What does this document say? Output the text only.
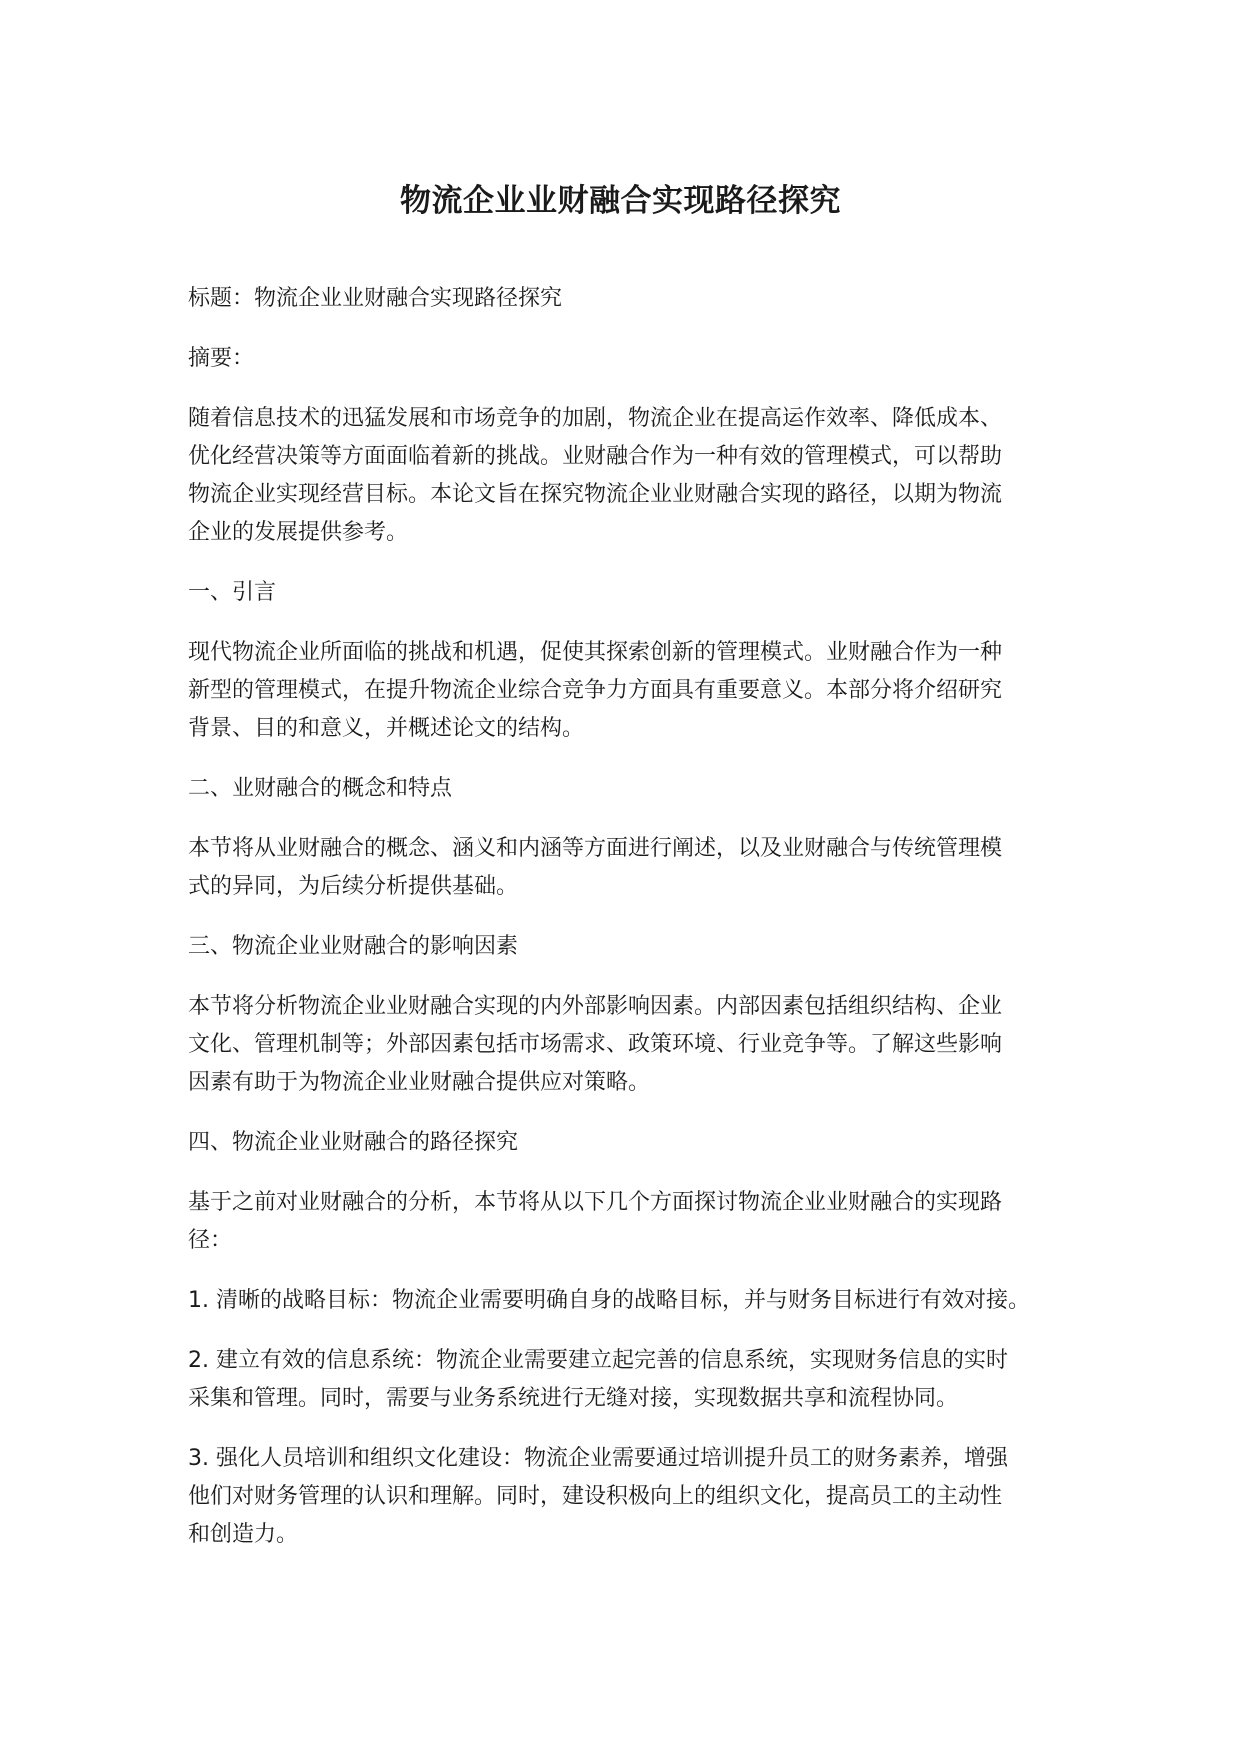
物流企业业财融合实现路径探究
标题：物流企业业财融合实现路径探究
摘要：
随着信息技术的迅猛发展和市场竞争的加剧，物流企业在提高运作效率、降低成本、
优化经营决策等方面面临着新的挑战。业财融合作为一种有效的管理模式，可以帮助
物流企业实现经营目标。本论文旨在探究物流企业业财融合实现的路径，以期为物流
企业的发展提供参考。
一、引言
现代物流企业所面临的挑战和机遇，促使其探索创新的管理模式。业财融合作为一种
新型的管理模式，在提升物流企业综合竞争力方面具有重要意义。本部分将介绍研究
背景、目的和意义，并概述论文的结构。
二、业财融合的概念和特点
本节将从业财融合的概念、涵义和内涵等方面进行阐述，以及业财融合与传统管理模
式的异同，为后续分析提供基础。
三、物流企业业财融合的影响因素
本节将分析物流企业业财融合实现的内外部影响因素。内部因素包括组织结构、企业
文化、管理机制等；外部因素包括市场需求、政策环境、行业竞争等。了解这些影响
因素有助于为物流企业业财融合提供应对策略。
四、物流企业业财融合的路径探究
基于之前对业财融合的分析，本节将从以下几个方面探讨物流企业业财融合的实现路
径：
1. 清晰的战略目标：物流企业需要明确自身的战略目标，并与财务目标进行有效对接。
2. 建立有效的信息系统：物流企业需要建立起完善的信息系统，实现财务信息的实时
采集和管理。同时，需要与业务系统进行无缝对接，实现数据共享和流程协同。
3. 强化人员培训和组织文化建设：物流企业需要通过培训提升员工的财务素养，增强
他们对财务管理的认识和理解。同时，建设积极向上的组织文化，提高员工的主动性
和创造力。
